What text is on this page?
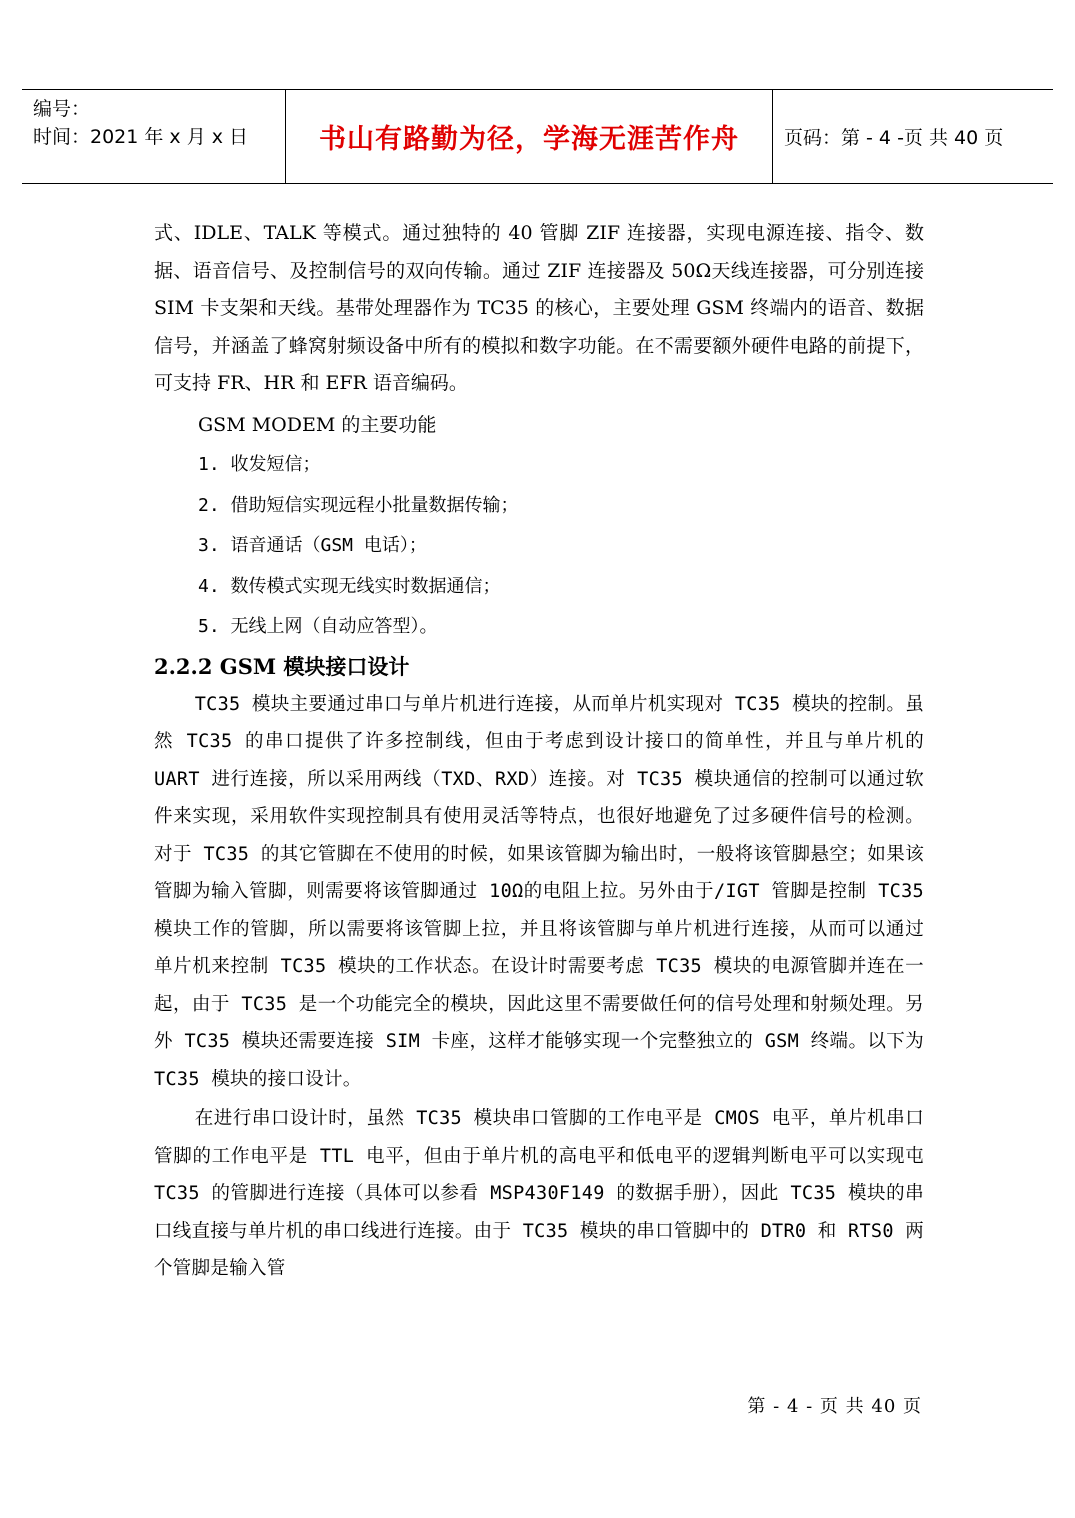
编号：
时间：2021 年 x 月 x 日	书山有路勤为径，学海无涯苦作舟 页码：第 - 4 -页 共 40 页

式、IDLE、TALK 等模式。通过独特的 40 管脚 ZIF 连接器，实现电源连接、指令、数据、语音信号、及控制信号的双向传输。通过 ZIF 连接器及 50Ω天线连接器，可分别连接 SIM 卡支架和天线。基带处理器作为 TC35 的核心，主要处理 GSM 终端内的语音、数据信号，并涵盖了蜂窝射频设备中所有的模拟和数字功能。在不需要额外硬件电路的前提下，可支持 FR、HR 和 EFR 语音编码。

GSM MODEM 的主要功能

1. 收发短信；

2. 借助短信实现远程小批量数据传输；

3. 语音通话（GSM 电话）；

4. 数传模式实现无线实时数据通信；

5. 无线上网（自动应答型）。

2.2.2 GSM 模块接口设计

TC35 模块主要通过串口与单片机进行连接，从而单片机实现对 TC35 模块的控制。虽然 TC35 的串口提供了许多控制线，但由于考虑到设计接口的简单性，并且与单片机的 UART 进行连接，所以采用两线（TXD、RXD）连接。对 TC35 模块通信的控制可以通过软件来实现，采用软件实现控制具有使用灵活等特点，也很好地避免了过多硬件信号的检测。对于 TC35 的其它管脚在不使用的时候，如果该管脚为输出时，一般将该管脚悬空；如果该管脚为输入管脚，则需要将该管脚通过 10Ω的电阻上拉。另外由于/IGT 管脚是控制 TC35 模块工作的管脚，所以需要将该管脚上拉，并且将该管脚与单片机进行连接，从而可以通过单片机来控制 TC35 模块的工作状态。在设计时需要考虑 TC35 模块的电源管脚并连在一起，由于 TC35 是一个功能完全的模块，因此这里不需要做任何的信号处理和射频处理。另外 TC35 模块还需要连接 SIM 卡座，这样才能够实现一个完整独立的 GSM 终端。以下为 TC35 模块的接口设计。

在进行串口设计时，虽然 TC35 模块串口管脚的工作电平是 CMOS 电平，单片机串口管脚的工作电平是 TTL 电平，但由于单片机的高电平和低电平的逻辑判断电平可以实现屯 TC35 的管脚进行连接（具体可以参看 MSP430F149 的数据手册），因此 TC35 模块的串口线直接与单片机的串口线进行连接。由于 TC35 模块的串口管脚中的 DTR0 和 RTS0 两个管脚是输入管

第 - 4 - 页 共 40 页
